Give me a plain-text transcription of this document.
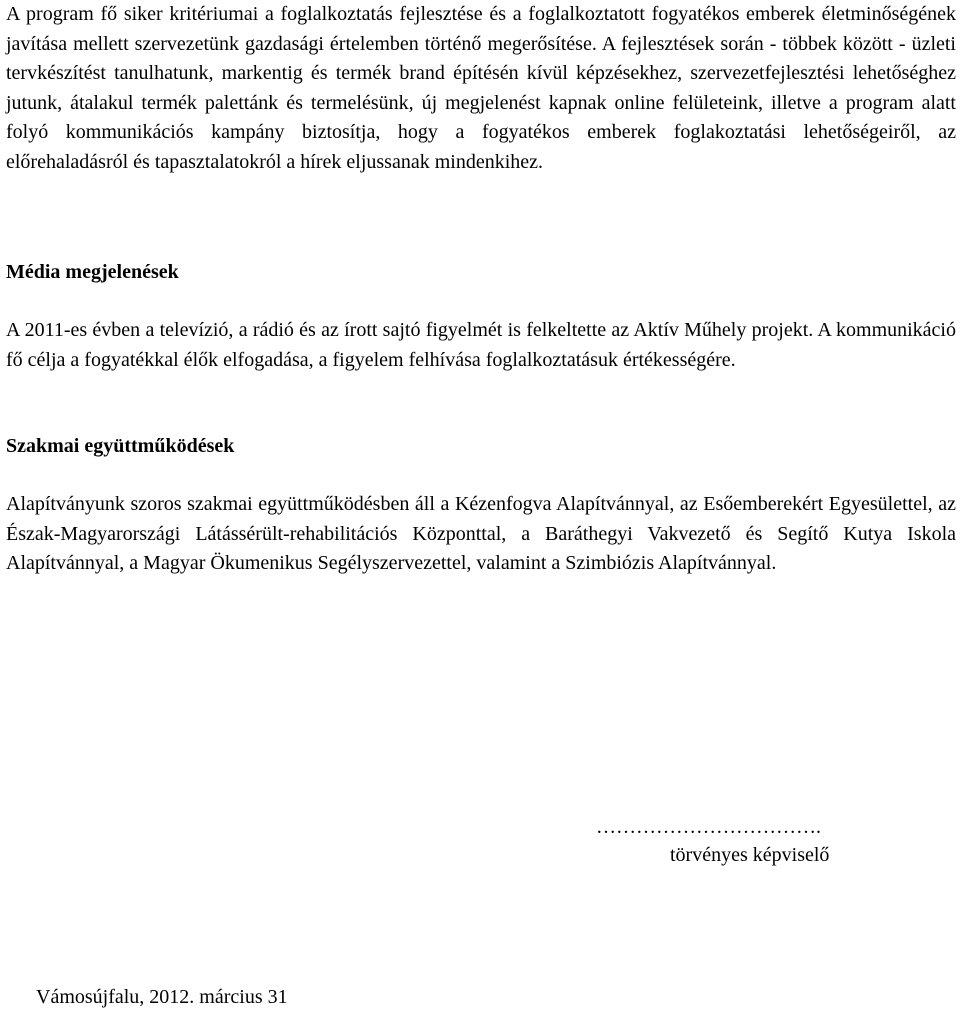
A program fő siker kritériumai a foglalkoztatás fejlesztése és a foglalkoztatott fogyatékos emberek életminőségének javítása mellett szervezetünk gazdasági értelemben történő megerősítése. A fejlesztések során - többek között - üzleti tervkészítést tanulhatunk, markentig és termék brand építésén kívül képzésekhez, szervezetfejlesztési lehetőséghez jutunk, átalakul termék palettánk és termelésünk, új megjelenést kapnak online felületeink, illetve a program alatt folyó kommunikációs kampány biztosítja, hogy a fogyatékos emberek foglakoztatási lehetőségeiről, az előrehaladásról és tapasztalatokról a hírek eljussanak mindenkihez.

Média megjelenések

A 2011-es évben a televízió, a rádió és az írott sajtó figyelmét is felkeltette az Aktív Műhely projekt. A kommunikáció fő célja a fogyatékkal élők elfogadása, a figyelem felhívása foglalkoztatásuk értékességére.

Szakmai együttműködések

Alapítványunk szoros szakmai együttműködésben áll a Kézenfogva Alapítvánnyal, az Esőemberekért Egyesülettel, az Észak-Magyarországi Látássérült-rehabilitációs Központtal, a Baráthegyi Vakvezető és Segítő Kutya Iskola Alapítvánnyal, a Magyar Ökumenikus Segélyszervezettel, valamint a Szimbiózis Alapítvánnyal.

…………………………….
törvényes képviselő
Vámosújfalu, 2012. március 31
